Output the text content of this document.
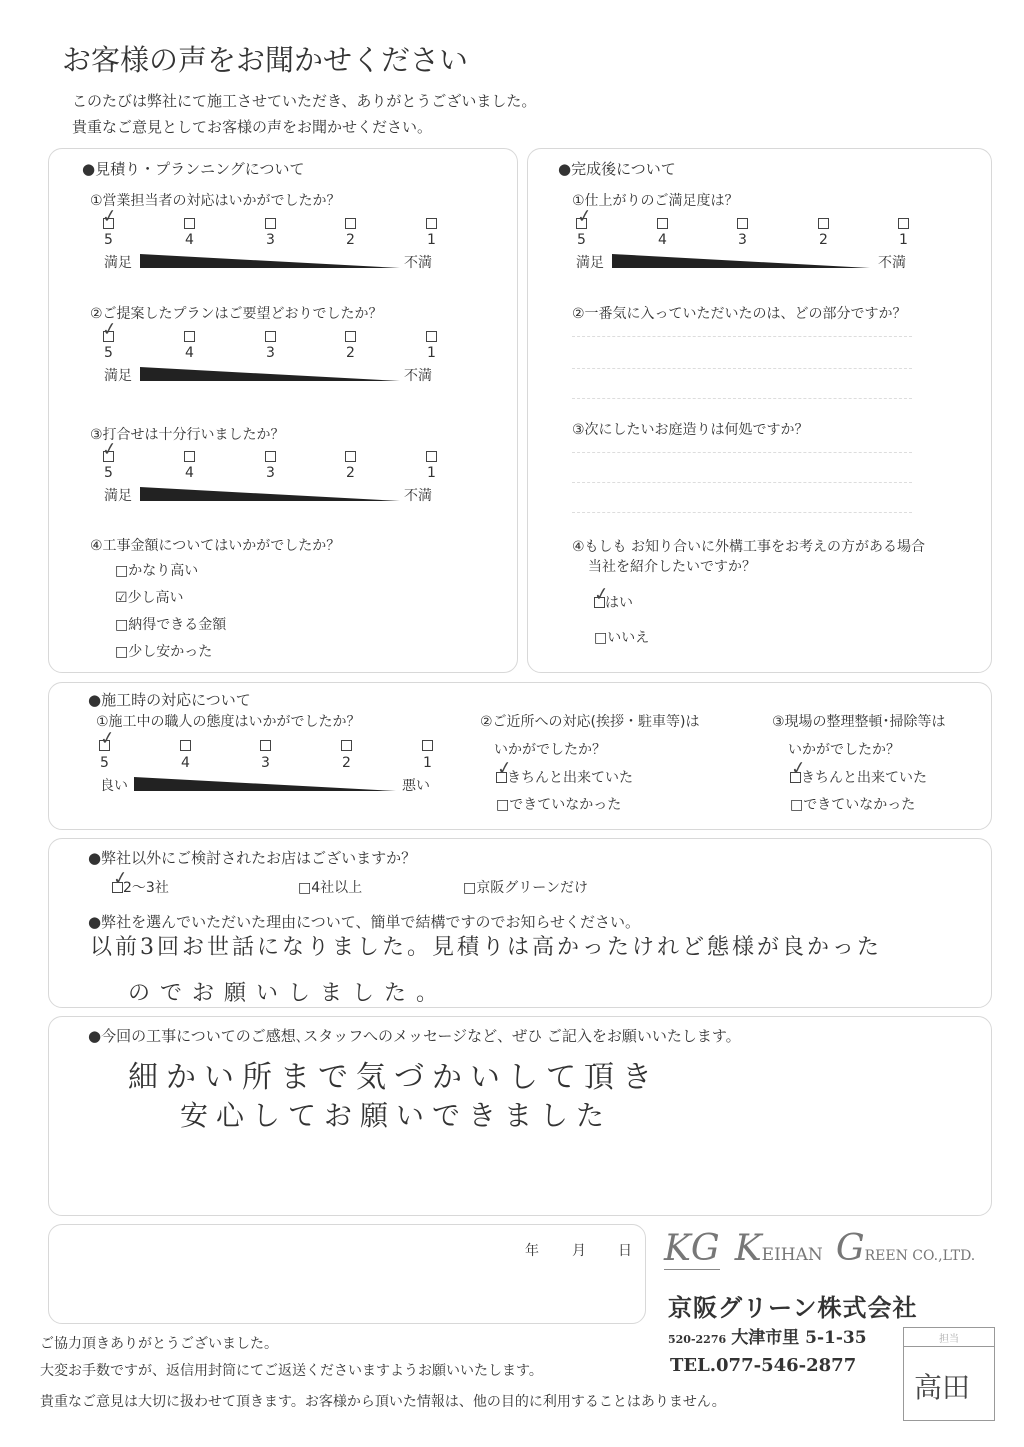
お客様の声をお聞かせください
このたびは弊社にて施工させていただき、ありがとうございました。
貴重なご意見としてお客様の声をお聞かせください。
●見積り・プランニングについて
①営業担当者の対応はいかがでしたか？
✓
5	4	3	2	1
満足	不満
②ご提案したプランはご要望どおりでしたか？
✓
5	4	3	2	1
満足	不満
③打合せは十分行いましたか？
✓
5	4	3	2	1
満足	不満
④工事金額についてはいかがでしたか？
□かなり高い
☑少し高い
□納得できる金額
□少し安かった
●完成後について
①仕上がりのご満足度は？
✓
5	4	3	2	1
満足	不満
②一番気に入っていただいたのは、どの部分ですか？
③次にしたいお庭造りは何処ですか？
④もしも お知り合いに外構工事をお考えの方がある場合
当社を紹介したいですか？
はい
✓
□いいえ
●施工時の対応について
①施工中の職人の態度はいかがでしたか？
✓
5	4	3	2	1
良い	悪い
②ご近所への対応(挨拶・駐車等)は
いかがでしたか？
きちんと出来ていた
✓
□できていなかった
③現場の整理整頓･掃除等は
いかがでしたか？
きちんと出来ていた
✓
□できていなかった
●弊社以外にご検討されたお店はございますか？
2～3社
✓	□4社以上	□京阪グリーンだけ
●弊社を選んでいただいた理由について、簡単で結構ですのでお知らせください。
以前3回お世話になりました。見積りは高かったけれど態様が良かった
のでお願いしました。
●今回の工事についてのご感想､スタッフへのメッセージなど、ぜひ ご記入をお願いいたします。
細かい所まで気づかいして頂き
安心してお願いできました
年 月 日 KG KEIHAN GREEN CO.,LTD.
京阪グリーン株式会社
520-2276 大津市里 5-1-35
TEL.077-546-2877
担当
高田
ご協力頂きありがとうございました。
大変お手数ですが、返信用封筒にてご返送くださいますようお願いいたします。
貴重なご意見は大切に扱わせて頂きます。お客様から頂いた情報は、他の目的に利用することはありません。
